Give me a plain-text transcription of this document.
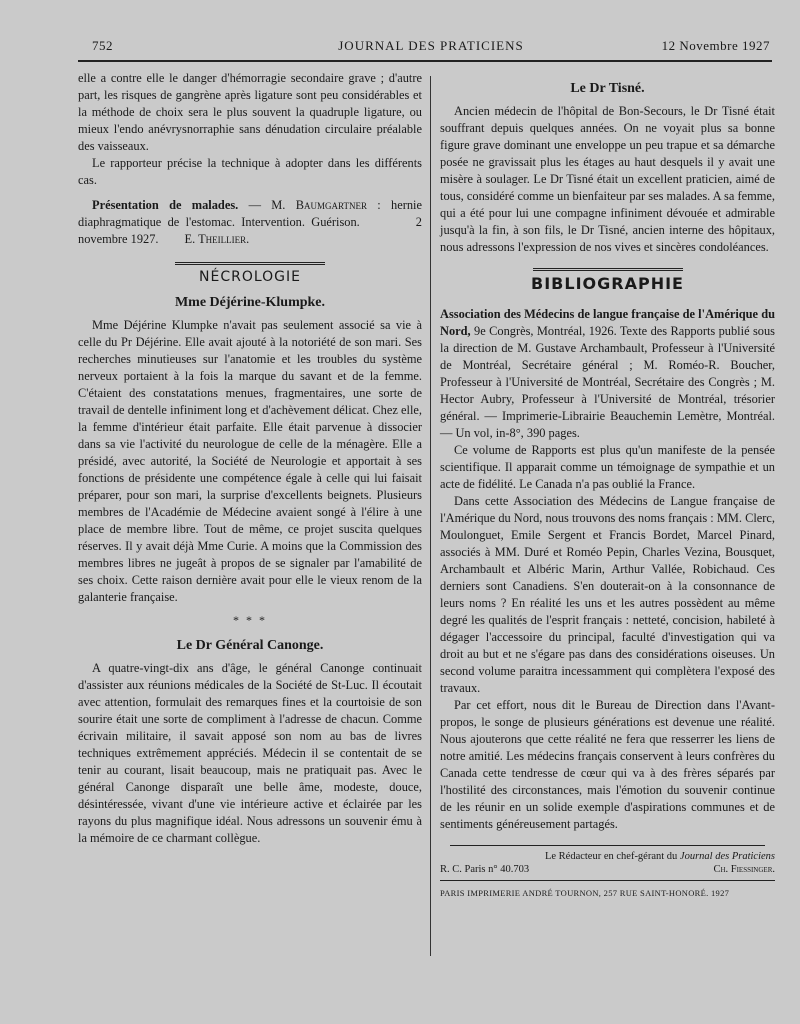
752	JOURNAL DES PRATICIENS	12 Novembre 1927

elle a contre elle le danger d'hémorragie secondaire grave ; d'autre part, les risques de gangrène après ligature sont peu considérables et la méthode de choix sera le plus souvent la quadruple ligature, ou mieux l'endo anévrysnorraphie sans dénudation circulaire préalable des vaisseaux.

Le rapporteur précise la technique à adopter dans les différents cas.

Présentation de malades. — M. Baumgartner : hernie diaphragmatique de l'estomac. Intervention. Guérison.	2 novembre 1927. E. Theillier.

NÉCROLOGIE
Mme Déjérine-Klumpke.

Mme Déjérine Klumpke n'avait pas seulement associé sa vie à celle du Pr Déjérine. Elle avait ajouté à la notoriété de son mari. Ses recherches minutieuses sur l'anatomie et les troubles du système nerveux portaient à la fois la marque du savant et de la femme. C'étaient des constatations menues, fragmentaires, une sorte de travail de dentelle infiniment long et d'achèvement délicat. Chez elle, la femme d'intérieur était parfaite. Elle était parvenue à dissocier dans sa vie l'activité du neurologue de celle de la ménagère. Elle a présidé, avec autorité, la Société de Neurologie et apportait à ses fonctions de présidente une compétence égale à celle qui lui faisait préparer, pour son mari, la surprise d'excellents beignets. Plusieurs membres de l'Académie de Médecine avaient songé à l'élire à une place de membre libre. Tout de même, ce projet suscita quelques réserves. Il y avait déjà Mme Curie. A moins que la Commission des membres libres ne jugeât à propos de se signaler par l'amabilité de ses choix. Cette raison dernière avait pour elle le vieux renom de la galanterie française.

* * *
Le Dr Général Canonge.

A quatre-vingt-dix ans d'âge, le général Canonge continuait d'assister aux réunions médicales de la Société de St-Luc. Il écoutait avec attention, formulait des remarques fines et la courtoisie de son sourire était une sorte de compliment à l'adresse de chacun. Comme écrivain militaire, il savait apposé son nom au bas de livres techniques extrêmement appréciés. Médecin il se contentait de se tenir au courant, lisait beaucoup, mais ne pratiquait pas. Avec le général Canonge disparaît une belle âme, modeste, douce, désintéressée, vivant d'une vie intérieure active et éclairée par les rayons du plus magnifique idéal. Nous adressons un souvenir ému à la mémoire de ce charmant collègue.

Le Dr Tisné.

Ancien médecin de l'hôpital de Bon-Secours, le Dr Tisné était souffrant depuis quelques années. On ne voyait plus sa bonne figure grave dominant une enveloppe un peu trapue et sa démarche posée ne gravissait plus les étages au haut desquels il y avait une misère à soulager. Le Dr Tisné était un excellent praticien, aimé de tous, considéré comme un bienfaiteur par ses malades. A sa femme, qui a été pour lui une compagne infiniment dévouée et admirable jusqu'à la fin, à son fils, le Dr Tisné, ancien interne des hôpitaux, nous adressons l'expression de nos vives et sincères condoléances.

BIBLIOGRAPHIE

Association des Médecins de langue française de l'Amérique du Nord, 9e Congrès, Montréal, 1926. Texte des Rapports publié sous la direction de M. Gustave Archambault, Professeur à l'Université de Montréal, Secrétaire général ; M. Roméo-R. Boucher, Professeur à l'Université de Montréal, Secrétaire des Congrès ; M. Hector Aubry, Professeur à l'Université de Montréal, trésorier général. — Imprimerie-Librairie Beauchemin Lemètre, Montréal. — Un vol, in-8°, 390 pages.

Ce volume de Rapports est plus qu'un manifeste de la pensée scientifique. Il apparait comme un témoignage de sympathie et un acte de fidélité. Le Canada n'a pas oublié la France.

Dans cette Association des Médecins de Langue française de l'Amérique du Nord, nous trouvons des noms français : MM. Clerc, Moulonguet, Emile Sergent et Francis Bordet, Marcel Pinard, associés à MM. Duré et Roméo Pepin, Charles Vezina, Bousquet, Archambault et Albéric Marin, Arthur Vallée, Robichaud. Ces derniers sont Canadiens. S'en douterait-on à la consonnance de leurs noms ? En réalité les uns et les autres possèdent au même degré les qualités de l'esprit français : netteté, concision, habileté à dégager l'accessoire du principal, faculté d'investigation qui va droit au but et ne s'égare pas dans des considérations oiseuses. Un second volume paraitra incessamment qui complètera l'exposé des travaux.

Par cet effort, nous dit le Bureau de Direction dans l'Avant-propos, le songe de plusieurs générations est devenue une réalité. Nous ajouterons que cette réalité ne fera que resserrer les liens de notre amitié. Les médecins français conservent à leurs confrères du Canada cette tendresse de cœur qui va à des frères séparés par l'hostilité des circonstances, mais l'émotion du souvenir continue de les réunir en un solide exemple d'aspirations communes et de sentiments généreusement partagés.

Le Rédacteur en chef-gérant du Journal des Praticiens
R. C. Paris n° 40.703	Ch. Fiessinger.
PARIS IMPRIMERIE ANDRÉ TOURNON, 257 RUE SAINT-HONORÉ. 1927
